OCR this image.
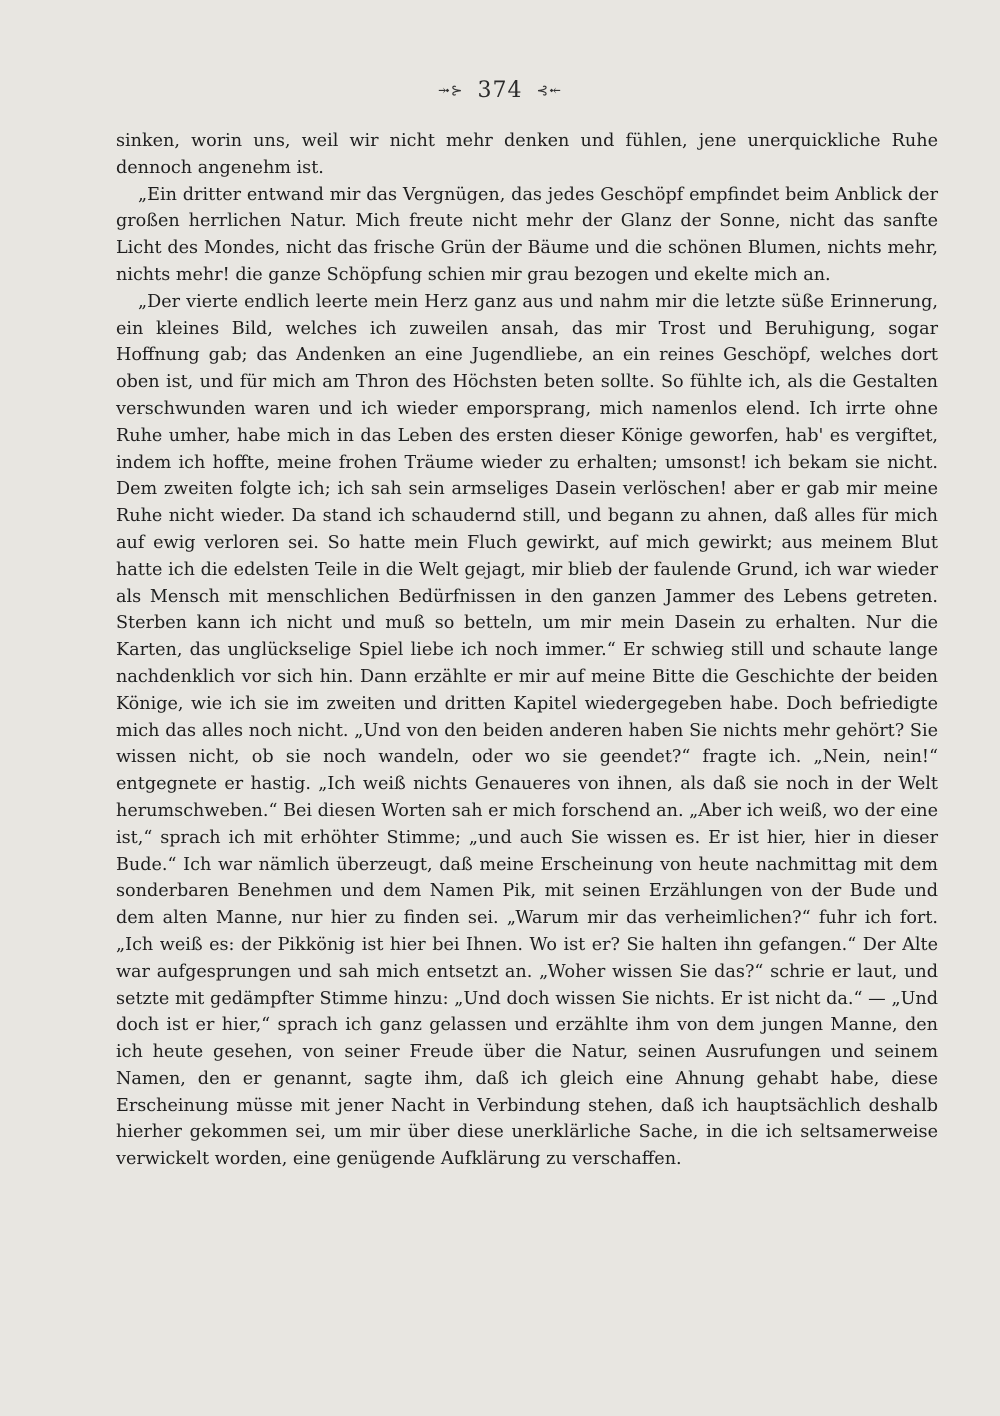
⤞⊱ 374 ⊰⤝

sinken, worin uns, weil wir nicht mehr denken und fühlen, jene unerquickliche Ruhe dennoch angenehm ist.

„Ein dritter entwand mir das Vergnügen, das jedes Geschöpf empfindet beim Anblick der großen herrlichen Natur. Mich freute nicht mehr der Glanz der Sonne, nicht das sanfte Licht des Mondes, nicht das frische Grün der Bäume und die schönen Blumen, nichts mehr, nichts mehr! die ganze Schöpfung schien mir grau bezogen und ekelte mich an.

„Der vierte endlich leerte mein Herz ganz aus und nahm mir die letzte süße Erinnerung, ein kleines Bild, welches ich zuweilen ansah, das mir Trost und Beruhigung, sogar Hoffnung gab; das Andenken an eine Jugendliebe, an ein reines Geschöpf, welches dort oben ist, und für mich am Thron des Höchsten beten sollte. So fühlte ich, als die Gestalten verschwunden waren und ich wieder emporsprang, mich namenlos elend. Ich irrte ohne Ruhe umher, habe mich in das Leben des ersten dieser Könige geworfen, hab' es vergiftet, indem ich hoffte, meine frohen Träume wieder zu erhalten; umsonst! ich bekam sie nicht. Dem zweiten folgte ich; ich sah sein armseliges Dasein verlöschen! aber er gab mir meine Ruhe nicht wieder. Da stand ich schaudernd still, und begann zu ahnen, daß alles für mich auf ewig verloren sei. So hatte mein Fluch gewirkt, auf mich gewirkt; aus meinem Blut hatte ich die edelsten Teile in die Welt gejagt, mir blieb der faulende Grund, ich war wieder als Mensch mit menschlichen Bedürfnissen in den ganzen Jammer des Lebens getreten. Sterben kann ich nicht und muß so betteln, um mir mein Dasein zu erhalten. Nur die Karten, das unglückselige Spiel liebe ich noch immer.“ Er schwieg still und schaute lange nachdenklich vor sich hin. Dann erzählte er mir auf meine Bitte die Geschichte der beiden Könige, wie ich sie im zweiten und dritten Kapitel wiedergegeben habe. Doch befriedigte mich das alles noch nicht. „Und von den beiden anderen haben Sie nichts mehr gehört? Sie wissen nicht, ob sie noch wandeln, oder wo sie geendet?“ fragte ich. „Nein, nein!“ entgegnete er hastig. „Ich weiß nichts Genaueres von ihnen, als daß sie noch in der Welt herumschweben.“ Bei diesen Worten sah er mich forschend an. „Aber ich weiß, wo der eine ist,“ sprach ich mit erhöhter Stimme; „und auch Sie wissen es. Er ist hier, hier in dieser Bude.“ Ich war nämlich überzeugt, daß meine Erscheinung von heute nachmittag mit dem sonderbaren Benehmen und dem Namen Pik, mit seinen Erzählungen von der Bude und dem alten Manne, nur hier zu finden sei. „Warum mir das verheimlichen?“ fuhr ich fort. „Ich weiß es: der Pikkönig ist hier bei Ihnen. Wo ist er? Sie halten ihn gefangen.“ Der Alte war aufgesprungen und sah mich entsetzt an. „Woher wissen Sie das?“ schrie er laut, und setzte mit gedämpfter Stimme hinzu: „Und doch wissen Sie nichts. Er ist nicht da.“ — „Und doch ist er hier,“ sprach ich ganz gelassen und erzählte ihm von dem jungen Manne, den ich heute gesehen, von seiner Freude über die Natur, seinen Ausrufungen und seinem Namen, den er genannt, sagte ihm, daß ich gleich eine Ahnung gehabt habe, diese Erscheinung müsse mit jener Nacht in Verbindung stehen, daß ich hauptsächlich deshalb hierher gekommen sei, um mir über diese unerklärliche Sache, in die ich seltsamerweise verwickelt worden, eine genügende Aufklärung zu verschaffen.
